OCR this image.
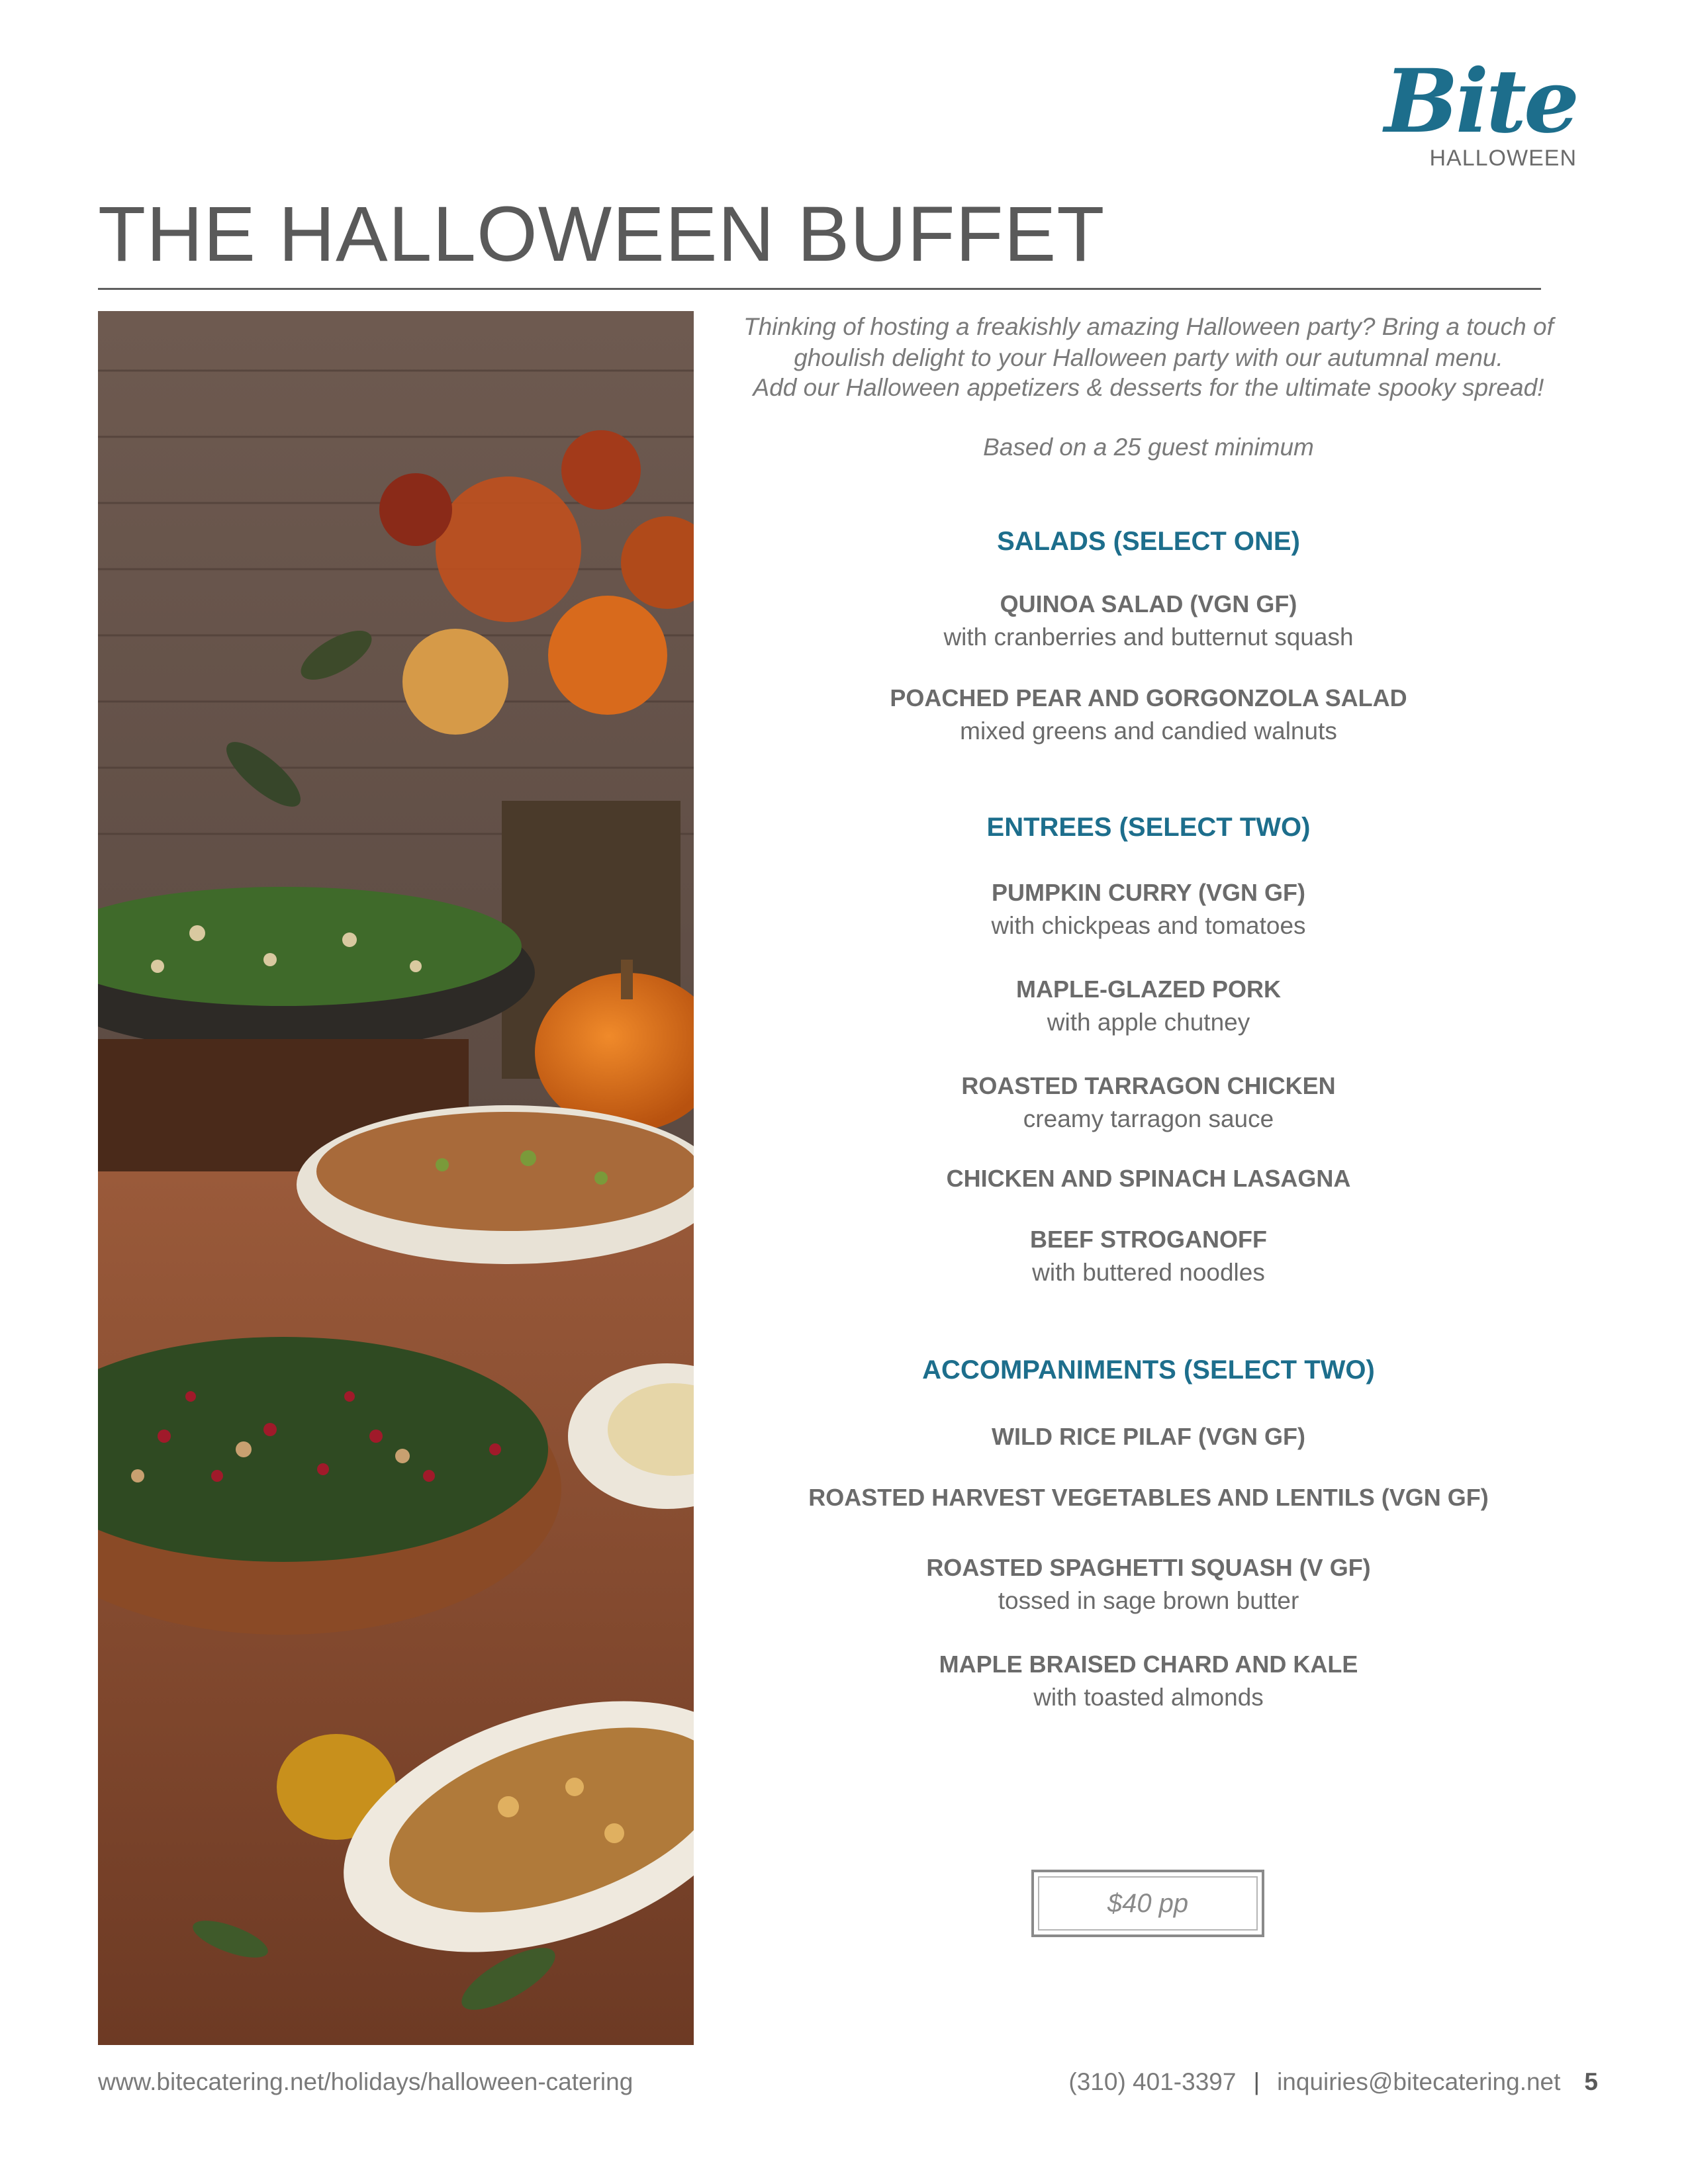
Bite
HALLOWEEN
THE HALLOWEEN BUFFET

Thinking of hosting a freakishly amazing Halloween party? Bring a touch of

ghoulish delight to your Halloween party with our autumnal menu.

Add our Halloween appetizers & desserts for the ultimate spooky spread!

Based on a 25 guest minimum

SALADS (SELECT ONE)

QUINOA SALAD (VGN GF)

with cranberries and butternut squash

POACHED PEAR AND GORGONZOLA SALAD

mixed greens and candied walnuts

ENTREES (SELECT TWO)

PUMPKIN CURRY (VGN GF)

with chickpeas and tomatoes

MAPLE-GLAZED PORK

with apple chutney

ROASTED TARRAGON CHICKEN

creamy tarragon sauce

CHICKEN AND SPINACH LASAGNA

BEEF STROGANOFF

with buttered noodles

ACCOMPANIMENTS (SELECT TWO)

WILD RICE PILAF (VGN GF)

ROASTED HARVEST VEGETABLES AND LENTILS (VGN GF)

ROASTED SPAGHETTI SQUASH (V GF)

tossed in sage brown butter

MAPLE BRAISED CHARD AND KALE

with toasted almonds

$40 pp
www.bitecatering.net/holidays/halloween-catering	(310) 401-3397 | inquiries@bitecatering.net 5
